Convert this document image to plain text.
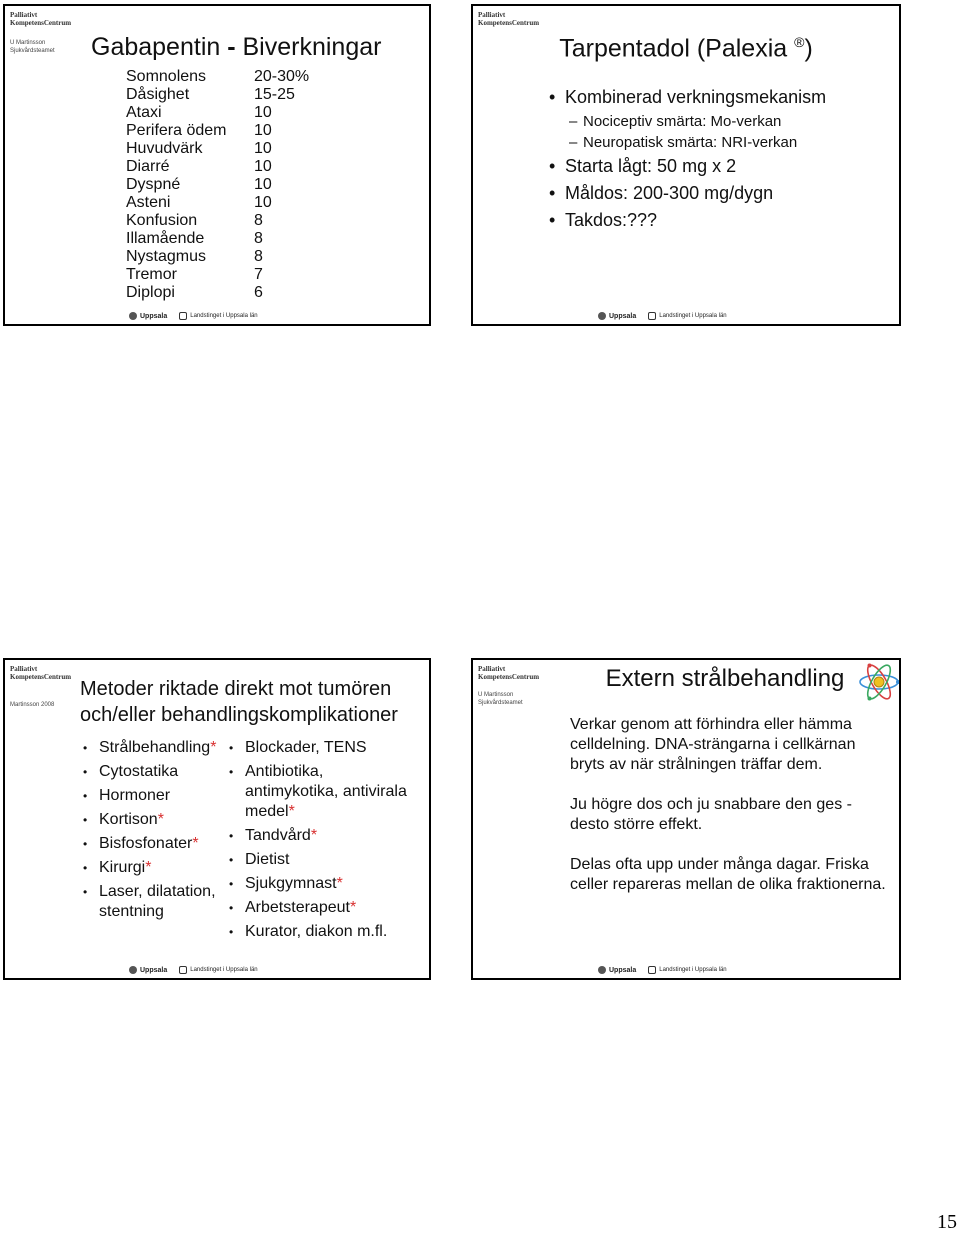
Palliativt
KompetensCentrum
U Martinsson
Sjukvårdsteamet Gabapentin - Biverkningar
Somnolens	20-30%
Dåsighet	15-25
Ataxi	10
Perifera ödem	10
Huvudvärk	10
Diarré	10
Dyspné	10
Asteni	10
Konfusion	8
Illamående	8
Nystagmus	8
Tremor	7
Diplopi	6
Uppsala	Landstinget i Uppsala län
Palliativt
KompetensCentrum
Tarpentadol (Palexia ®)
• Kombinerad verkningsmekanism
– Nociceptiv smärta: Mo-verkan
– Neuropatisk smärta: NRI-verkan
• Starta lågt: 50 mg x 2
• Måldos: 200-300 mg/dygn
• Takdos:???
Uppsala	Landstinget i Uppsala län
Palliativt
KompetensCentrum
Martinsson 2008
Metoder riktade direkt mot tumören
och/eller behandlingskomplikationer
• Strålbehandling*
• Cytostatika
• Hormoner
• Kortison*
• Bisfosfonater*
• Kirurgi*
• Laser, dilatation, stentning
• Blockader, TENS
• Antibiotika, antimykotika, antivirala medel*
• Tandvård*
• Dietist
• Sjukgymnast*
• Arbetsterapeut*
• Kurator, diakon m.fl.
Uppsala	Landstinget i Uppsala län
Palliativt
KompetensCentrum
U Martinsson
Sjukvårdsteamet
Extern strålbehandling

Verkar genom att förhindra eller hämma celldelning. DNA-strängarna i cellkärnan bryts av när strålningen träffar dem.

Ju högre dos och ju snabbare den ges - desto större effekt.

Delas ofta upp under många dagar. Friska celler repareras mellan de olika fraktionerna.

Uppsala	Landstinget i Uppsala län
15
